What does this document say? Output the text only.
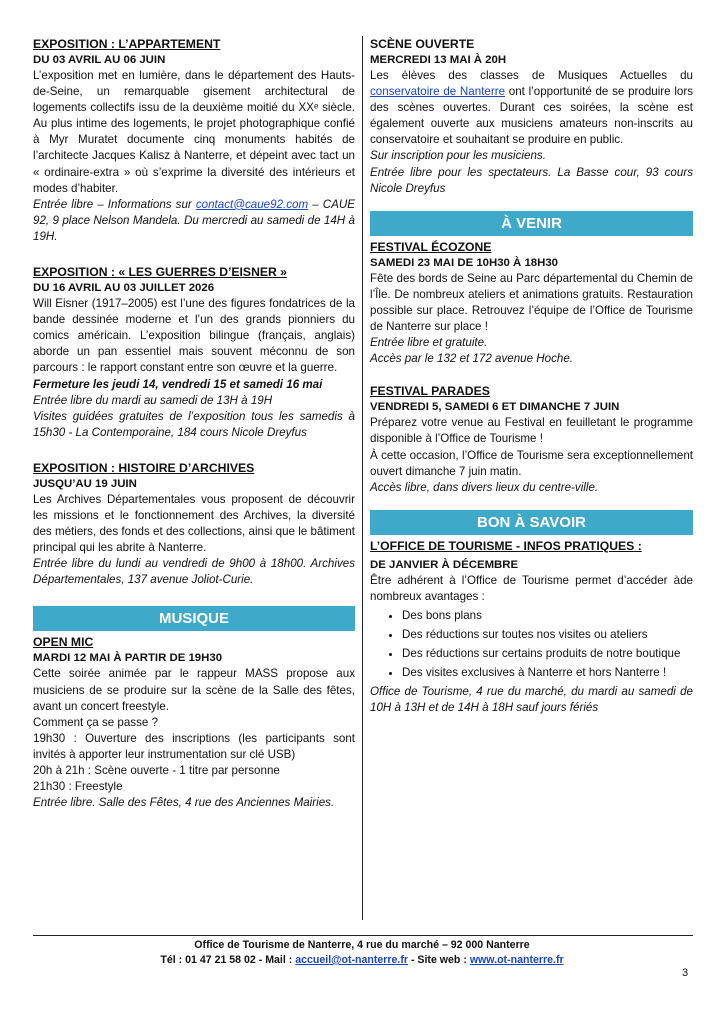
EXPOSITION : L’APPARTEMENT
DU 03 AVRIL AU 06 JUIN

L’exposition met en lumière, dans le département des Hauts-de-Seine, un remarquable gisement architectural de logements collectifs issu de la deuxième moitié du XXᵉ siècle. Au plus intime des logements, le projet photographique confié à Myr Muratet documente cinq monuments habités de l’architecte Jacques Kalisz à Nanterre, et dépeint avec tact un « ordinaire-extra » où s’exprime la diversité des intérieurs et modes d’habiter.

Entrée libre – Informations sur contact@caue92.com – CAUE 92, 9 place Nelson Mandela. Du mercredi au samedi de 14H à 19H.

EXPOSITION : « LES GUERRES D’EISNER »
DU 16 AVRIL AU 03 JUILLET 2026

Will Eisner (1917–2005) est l’une des figures fondatrices de la bande dessinée moderne et l’un des grands pionniers du comics américain. L’exposition bilingue (français, anglais) aborde un pan essentiel mais souvent méconnu de son parcours : le rapport constant entre son œuvre et la guerre.

Fermeture les jeudi 14, vendredi 15 et samedi 16 mai

Entrée libre du mardi au samedi de 13H à 19H

Visites guidées gratuites de l’exposition tous les samedis à 15h30 - La Contemporaine, 184 cours Nicole Dreyfus

EXPOSITION : HISTOIRE D’ARCHIVES
JUSQU’AU 19 JUIN

Les Archives Départementales vous proposent de découvrir les missions et le fonctionnement des Archives, la diversité des métiers, des fonds et des collections, ainsi que le bâtiment principal qui les abrite à Nanterre.

Entrée libre du lundi au vendredi de 9h00 à 18h00. Archives Départementales, 137 avenue Joliot-Curie.

MUSIQUE
OPEN MIC
MARDI 12 MAI À PARTIR DE 19H30

Cette soirée animée par le rappeur MASS propose aux musiciens de se produire sur la scène de la Salle des fêtes, avant un concert freestyle.

Comment ça se passe ?

19h30 : Ouverture des inscriptions (les participants sont invités à apporter leur instrumentation sur clé USB)

20h à 21h : Scène ouverte - 1 titre par personne

21h30 : Freestyle

Entrée libre. Salle des Fêtes, 4 rue des Anciennes Mairies.

SCÈNE OUVERTE
MERCREDI 13 MAI À 20H

Les élèves des classes de Musiques Actuelles du conservatoire de Nanterre ont l’opportunité de se produire lors des scènes ouvertes. Durant ces soirées, la scène est également ouverte aux musiciens amateurs non-inscrits au conservatoire et souhaitant se produire en public.

Sur inscription pour les musiciens.

Entrée libre pour les spectateurs. La Basse cour, 93 cours Nicole Dreyfus

À VENIR
FESTIVAL ÉCOZONE
SAMEDI 23 MAI DE 10H30 À 18H30

Fête des bords de Seine au Parc départemental du Chemin de l’Île. De nombreux ateliers et animations gratuits. Restauration possible sur place. Retrouvez l’équipe de l’Office de Tourisme de Nanterre sur place !

Entrée libre et gratuite.

Accès par le 132 et 172 avenue Hoche.

FESTIVAL PARADES
VENDREDI 5, SAMEDI 6 ET DIMANCHE 7 JUIN

Préparez votre venue au Festival en feuilletant le programme disponible à l’Office de Tourisme !

À cette occasion, l’Office de Tourisme sera exceptionnellement ouvert dimanche 7 juin matin.

Accès libre, dans divers lieux du centre-ville.

BON À SAVOIR
L’OFFICE DE TOURISME - INFOS PRATIQUES :
DE JANVIER À DÉCEMBRE

Être adhérent à l’Office de Tourisme permet d’accéder àde nombreux avantages :

• Des bons plans
• Des réductions sur toutes nos visites ou ateliers
• Des réductions sur certains produits de notre boutique
• Des visites exclusives à Nanterre et hors Nanterre !

Office de Tourisme, 4 rue du marché, du mardi au samedi de 10H à 13H et de 14H à 18H sauf jours fériés

Office de Tourisme de Nanterre, 4 rue du marché – 92 000 Nanterre
Tél : 01 47 21 58 02 - Mail : accueil@ot-nanterre.fr - Site web : www.ot-nanterre.fr
3
